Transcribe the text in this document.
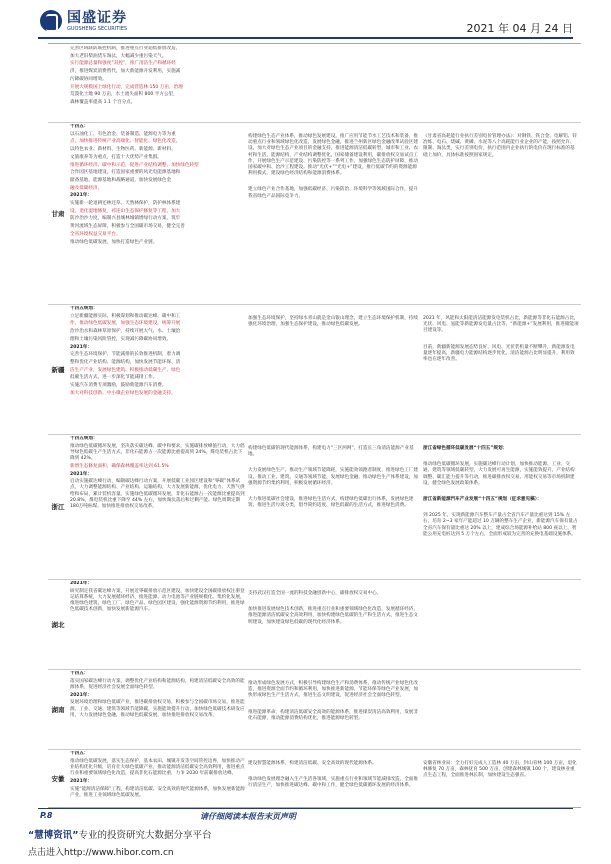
国盛证券
GUOSHENG SECURITIES	2021 年 04 月 24 日
完善区域联防联控机制，推进重点行业超低排放改造，
加大老旧柴油货车淘汰，大幅减少重污染天气。
实行能源总量和强度“双控”，推广清洁生产和循环经
济，推进煤炭消费替代，加大新能源开发利用，实施减
污降碳协同增效。
开展大规模国土绿化行动，完成营造林 150 万亩，治理
荒漠化土地 90 万亩，水土流失面积 800 平方公里，
森林覆盖率提高 1.1 个百分点。
甘肃
十四五：
以石油化工、有色冶金、装备制造、能源电力等为重
点，加快推进传统产业高端化、智能化、绿色化改造，
以特色农业、新材料、生物医药、新能源、新材料、
文旅康养等为重点，打造十大优势产业集群。
推进循环经济、碳中和示范，促进产业结构调整，加快绿色转型
合作园区基地建设，打造国家重要的风光电能源基地和
储备基地，能源基地和战略通道，加快发展绿色金
融及低碳经济。
2021年：
实施新一轮退耕还林还草、天然林保护，防护林体系建
设，退化湿地修复，祁连山生态保护修复等工程，加大
防沙治沙力度，编制兴县城林城镇增绿行动方案，筑牢
黄河流域生态屏障，积极参与全国碳市场交易，健全完善
全省环境权益交易平台。
推动绿色低碳发展，加快打造绿色产业链。
构建绿色生态产业体系，推动绿色发展建设。推广应用节能节水工艺技术和装备，推动重点行业和领域绿色化改造，发展绿色金融，推进兰州新区绿色金融改革试验区建设。加大对绿色生态产业项目的金融支持，推进能源清洁低碳转型，城市和工业、农村和生活，能源结构，产业结构调整优化，国家储备建设利用，碳排放权交易试点工作，开展绿色生产示范建设、污染防控等一系列工作，加强绿色生态防护屏障，推动国家碳中和、治沙工程建设。推动“光伏+”“光电+”建设，推行低碳节约的资源能源利用模式，建设绿色经济结构和能源消费体系。
建立绿色产业合作基地，加强低碳经济、污染防治、环境科学等领域国际合作，提升我省绿色产品国际竞争力。
《甘肃省高耗能行业执行差别电价管理办法》：对钢铁、铁合金、电解铝、锌冶炼、电石、烧碱、黄磷、水泥等八个高耗能行业企业的产能，按照允许、限制、淘汰类，实行差别电价，执行范围内企业执行的电价在现行标准的基础上加价，具体标准按照国家规定。
新疆
十四五规划：
立足新疆能源实际，积极谋划和推动碳达峰、碳中和工
作，推动绿色低碳发展，加强生态环境建设，统筹开展
治沙治水和森林草原保护，持续开展大气、水、土壤治
理和土壤污染风险管控，实现减污降碳协同增效。
2021年：
完善生态环境保护、节能减排的长效推进机制，着力调
整和优化产业结构、能源结构，加快发展节能环保、清
洁生产产业，发展绿色建筑、积极推动低碳生产、绿色
低碳生活方式，进一步深化节能减排工作。
实施汽车消费专项激励，鼓励新能源汽车消费。
加大对科技创新、中小微企业绿色发展的金融支持。
加强生态环境保护，坚持绿水青山就是金山银山理念，建立生态环境保护机制，持续强化环境治理，加强生态保护建设，推动绿色低碳发展。
2021 年，风能和太阳能清洁能源发电装机占比，新能源等非化石能源占比，光伏、风电、氢能等新能源发电量占比等，“新能源+”发展利用，推进储能项目建设等。
目前，新疆新能源发展态势良好，风电、光伏装机量不断攀升，新能源发电量逐年提高，新疆电力能源结构逐步优化，清洁能源占比明显提升，利用效率也在逐年改善。
浙江
十四五规划：
推动绿色低碳循环发展，坚决落实碳达峰、碳中和要求，实施碳排放峰值行动，大力倡导绿色低碳生产生活方式，非化石能源占一次能源比重提高到 24%，煤电装机占比下降到 42%。
新增生态修复面积，确保森林覆盖率达到 61.5%
2021年：
启动实施碳达峰行动，编制碳达峰行动方案，开展低碳工业园区建设和“零碳”体系试点，大力调整能源结构、产业结构、运输结构，大力发展新能源，优化电力、天然气供给和布局，累计装机容量。实施绿色低碳循环发展，非化石能源占一次能源比重提高到 20.8%，煤电装机比重下降至 44% 左右，加快淘汰落后和过剩产能。绿色周期定期180万吨标煤。加快推进排放权交易改革。
构建绿色低碳的现代能源体系，构建电力“三区两网”，打造长三角清洁能源产业基地。
大力发展绿色生产、推动生产领域节能降耗，实施能效领跑者制度，推进绿色工厂建设，推动工业、建筑、交通等领域节能，发展绿色金融，推动绿色生产体系建设，加强资源节约集约利用，积极发展循环经济。
大力推进低碳社会建设，推进绿色生活方式，构建绿色低碳出行体系，发展绿色建筑、推进生活垃圾分类，倡导简约适度、绿色低碳的生活方式，推进绿色消费。
浙江省绿色循环低碳发展“十四五”规划：
推动绿色低碳循环发展，实施碳达峰行动计划，加快推动能源、工业、交通、建筑等领域低碳转型，大力发展可再生能源，实施能效提升、产业结构调整、碳汇能力提升等行动，推进碳排放权交易、用能权交易等市场机制建设，健全绿色发展政策体系。
浙江省新能源汽车产业发展“十四五”规划（征求意见稿）：
到 2025 年，实现新能源汽车整车产量占全省汽车产量比重达到 15% 左右，培育 2~3 家年产能超过 10 万辆的整车生产企业，新能源汽车保有量占全省汽车保有量比重达 20% 以上，建成综合场能源补给站 800 座以上，智能公用充电桩达到 5 万个左右，全面形成较为完善的充换电基础设施体系。
湖北
2021年：
研究制定我省碳达峰方案，开展近零碳排放示范区建设，加快建设全国碳排放权注册登记结算系统，大力发展循环经济，推进能源、动力电池等产业链规模化、集约化发展，推进绿色建筑、绿色工厂、绿色产品、绿色园区建设，强化能源资源节约利用，推进绿色低碳技术创新，加快发展新能源汽车。
支持武汉打造全国一流的科技金融创新中心，碳排放权交易中心。
加快推进发展绿色技术创新，推进重点行业和重要领域绿色化改造，发展循环经济，推进能源清洁低碳安全高效利用，加快构建绿色低碳的生产和生活方式，推进生态文明建设，加快建设绿色低碳的现代化经济体系。
湖南
十四五：
落实国家碳达峰行动方案，调整优化产业结构和能源结构，构建清洁低碳安全高效的能源体系，促进经济社会发展全面绿色转型。
2021年：
发展环境治理和绿色低碳产业，推进碳排放权交易，积极参与全国碳市场交易，推进能源、工业、交通、建筑等领域节能降碳，实施能效提升行动，加快绿色低碳技术研发应用，大力发展绿色金融，推动绿色低碳发展，加快推进排放权交易改革。
推动形成绿色发展方式，积极引导构建绿色生产和消费体系，推动传统产业绿色化改造，推进资源全面节约和循环利用，加快推进新能源、节能环保等绿色产业发展，加快形成绿色生产生活方式，推进生态文明建设，促进经济社会全面绿色转型。
推进能源革命，构建清洁低碳安全高效的能源体系，推进煤炭清洁高效利用，发展非化石能源，推动能源消费结构优化，推进能源绿色转型。
安徽
十四五：
推动绿色低碳发展，落实生态保护、基本农田、城镇开发等空间管控边界，加快推动产业结构优化升级，培育壮大绿色低碳产业，推动能源清洁低碳安全高效利用，推进重点行业和重要领域绿色化改造，提高非化石能源比重，力争 2030 年前碳排放达峰。
2021年：
实施“能源清洁保障”工程，构建清洁低碳、安全高效的现代能源体系，加快发展新能源产业，推进工业领域绿色低碳发展。
建设智慧能源体系，构建清洁低碳、安全高效的现代能源体系。
推动绿色发展理念融入生产生活各领域，实施重点行业和领域节能减排改造，全面推行清洁生产，加快推进碳达峰、碳中和工作，健全绿色低碳循环发展的经济体系。
安徽省林业局：全力打好完成人工造林 40 万亩，封山育林 100 万亩，退化林修复 70 万亩，森林抚育 500 万亩，创建森林城镇 100 个，建设林业重点生态工程，全面推进林长制，加快建设生态强省。
P.8	请仔细阅读本报告末页声明
“慧博资讯”专业的投资研究大数据分享平台
点击进入http://www.hibor.com.cn
